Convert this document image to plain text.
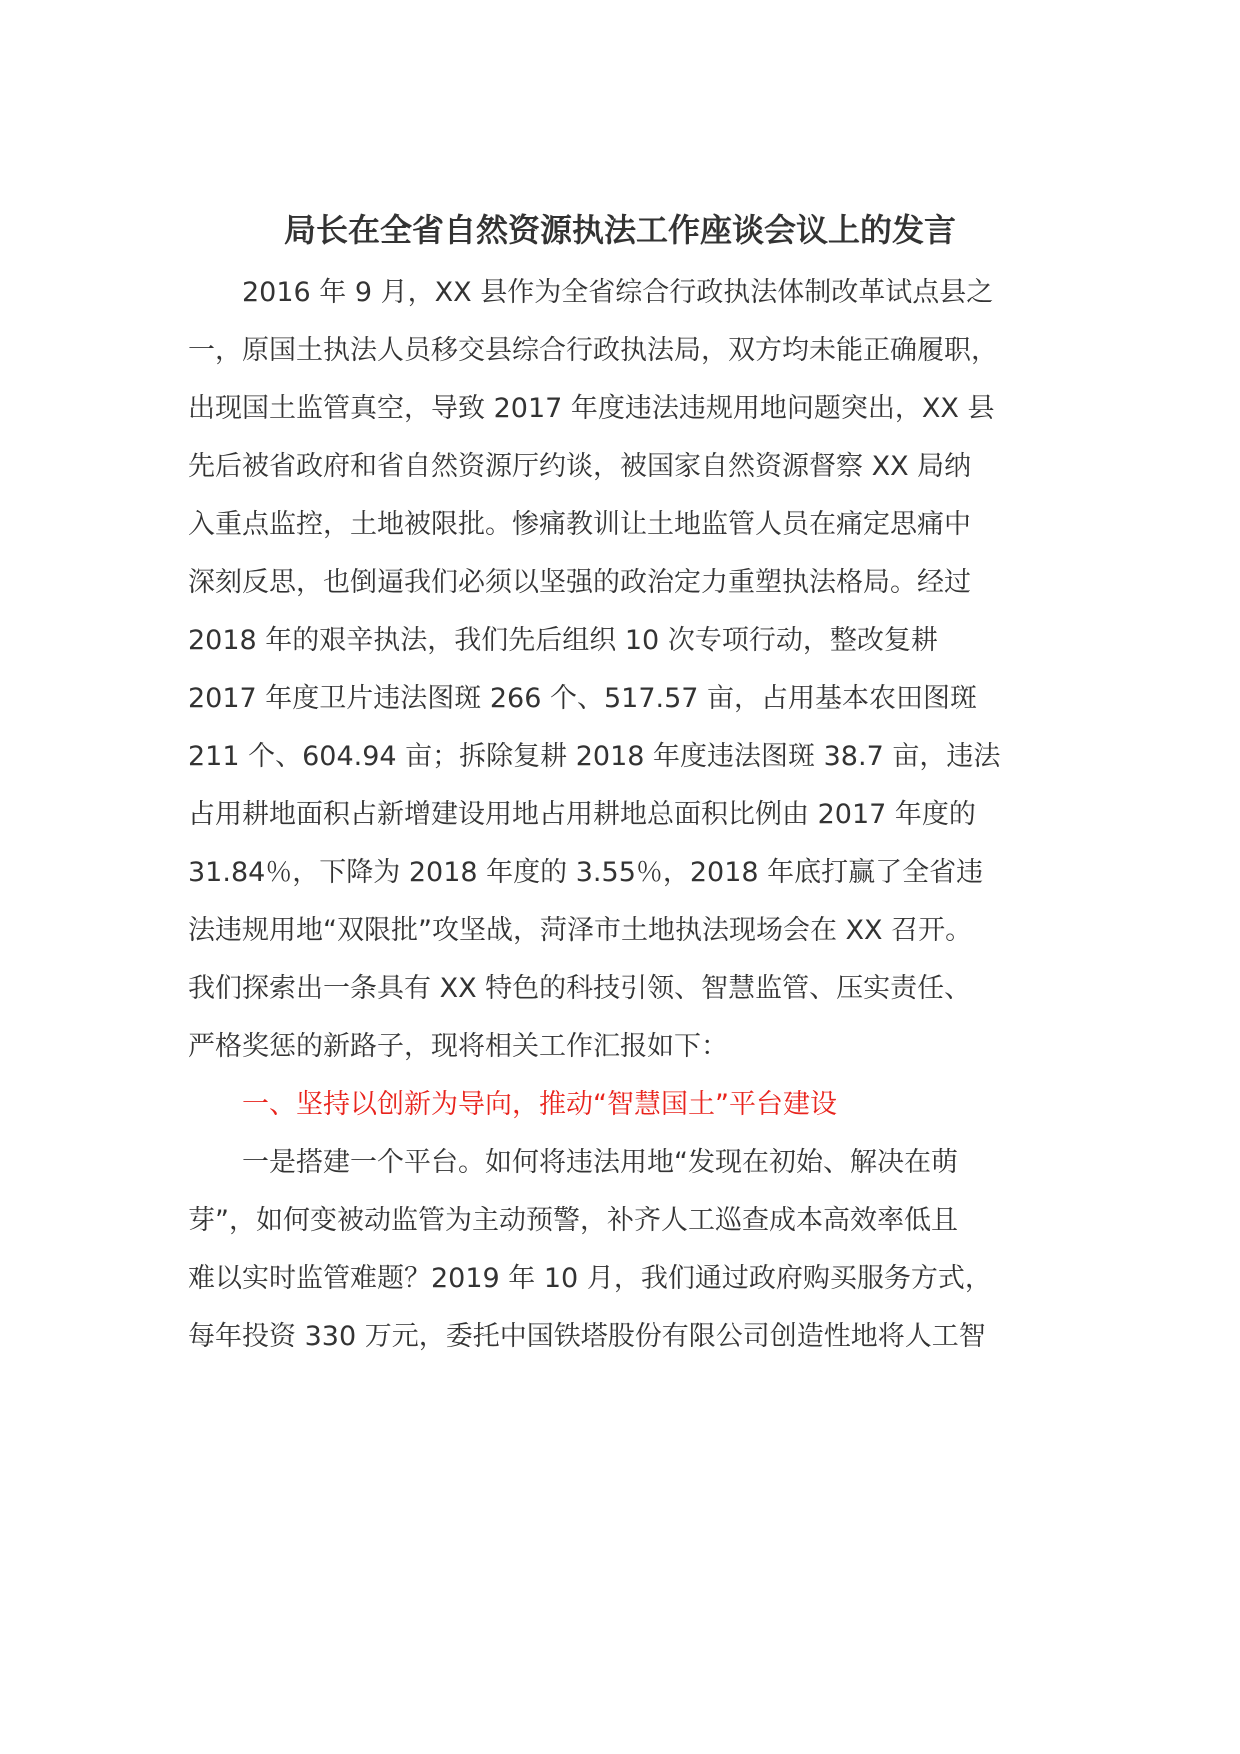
局长在全省自然资源执法工作座谈会议上的发言
　　2016 年 9 月，XX 县作为全省综合行政执法体制改革试点县之
一，原国土执法人员移交县综合行政执法局，双方均未能正确履职，
出现国土监管真空，导致 2017 年度违法违规用地问题突出，XX 县
先后被省政府和省自然资源厅约谈，被国家自然资源督察 XX 局纳
入重点监控，土地被限批。惨痛教训让土地监管人员在痛定思痛中
深刻反思，也倒逼我们必须以坚强的政治定力重塑执法格局。经过
2018 年的艰辛执法，我们先后组织 10 次专项行动，整改复耕
2017 年度卫片违法图斑 266 个、517.57 亩，占用基本农田图斑
211 个、604.94 亩；拆除复耕 2018 年度违法图斑 38.7 亩，违法
占用耕地面积占新增建设用地占用耕地总面积比例由 2017 年度的
31.84％，下降为 2018 年度的 3.55％，2018 年底打赢了全省违
法违规用地“双限批”攻坚战，菏泽市土地执法现场会在 XX 召开。
我们探索出一条具有 XX 特色的科技引领、智慧监管、压实责任、
严格奖惩的新路子，现将相关工作汇报如下：
　　一、坚持以创新为导向，推动“智慧国土”平台建设
　　一是搭建一个平台。如何将违法用地“发现在初始、解决在萌
芽”，如何变被动监管为主动预警，补齐人工巡查成本高效率低且
难以实时监管难题？2019 年 10 月，我们通过政府购买服务方式，
每年投资 330 万元，委托中国铁塔股份有限公司创造性地将人工智
